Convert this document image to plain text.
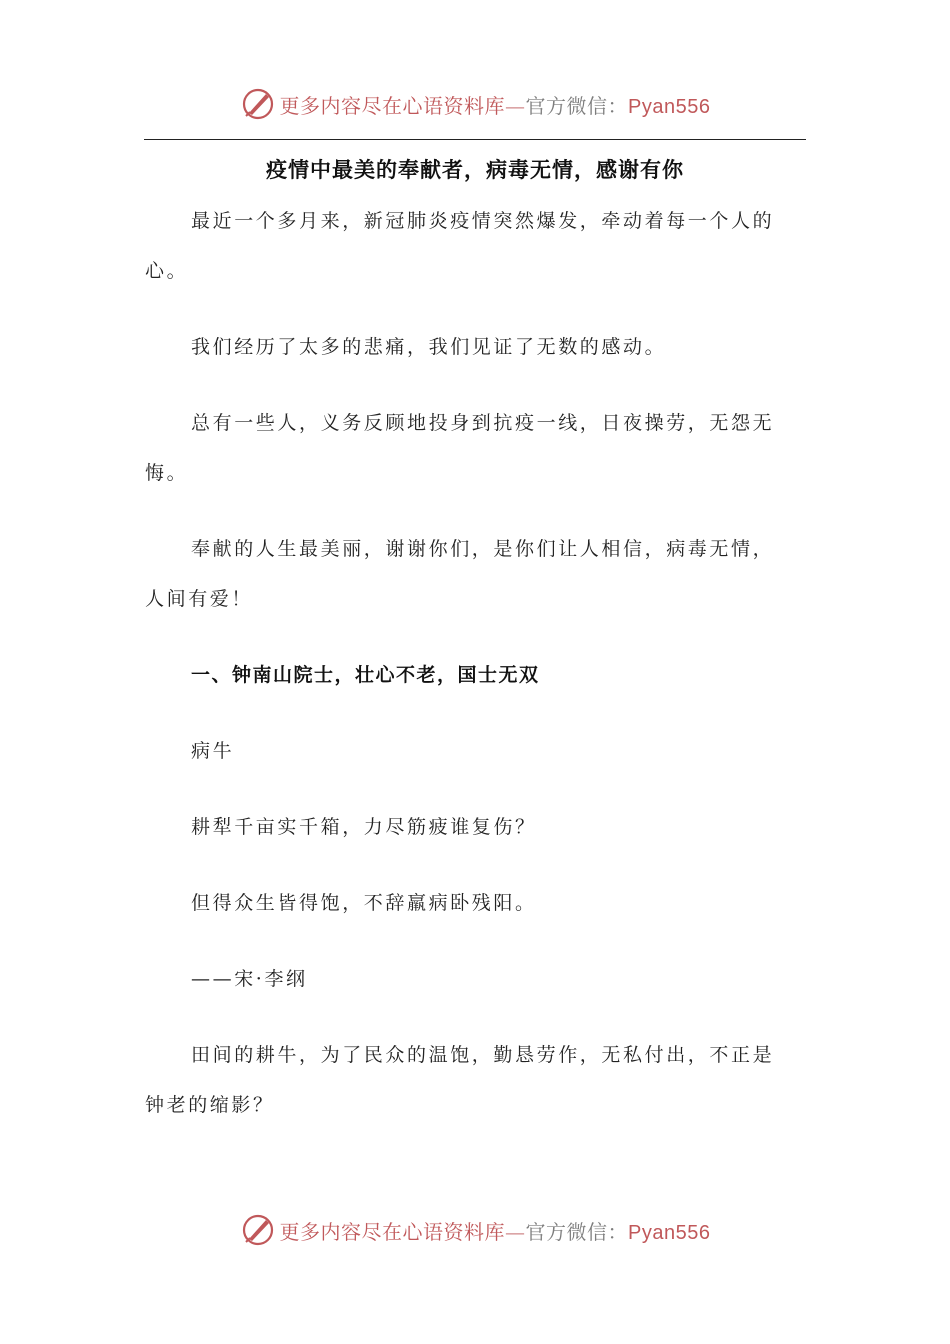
更多内容尽在心语资料库—官方微信：Pyan556
疫情中最美的奉献者，病毒无情，感谢有你

最近一个多月来，新冠肺炎疫情突然爆发，牵动着每一个人的心。

我们经历了太多的悲痛，我们见证了无数的感动。

总有一些人，义务反顾地投身到抗疫一线，日夜操劳，无怨无悔。

奉献的人生最美丽，谢谢你们，是你们让人相信，病毒无情，人间有爱！

一、钟南山院士，壮心不老，国士无双

病牛

耕犁千亩实千箱，力尽筋疲谁复伤？

但得众生皆得饱，不辞羸病卧残阳。

——宋·李纲

田间的耕牛，为了民众的温饱，勤恳劳作，无私付出，不正是钟老的缩影？

更多内容尽在心语资料库—官方微信：Pyan556
